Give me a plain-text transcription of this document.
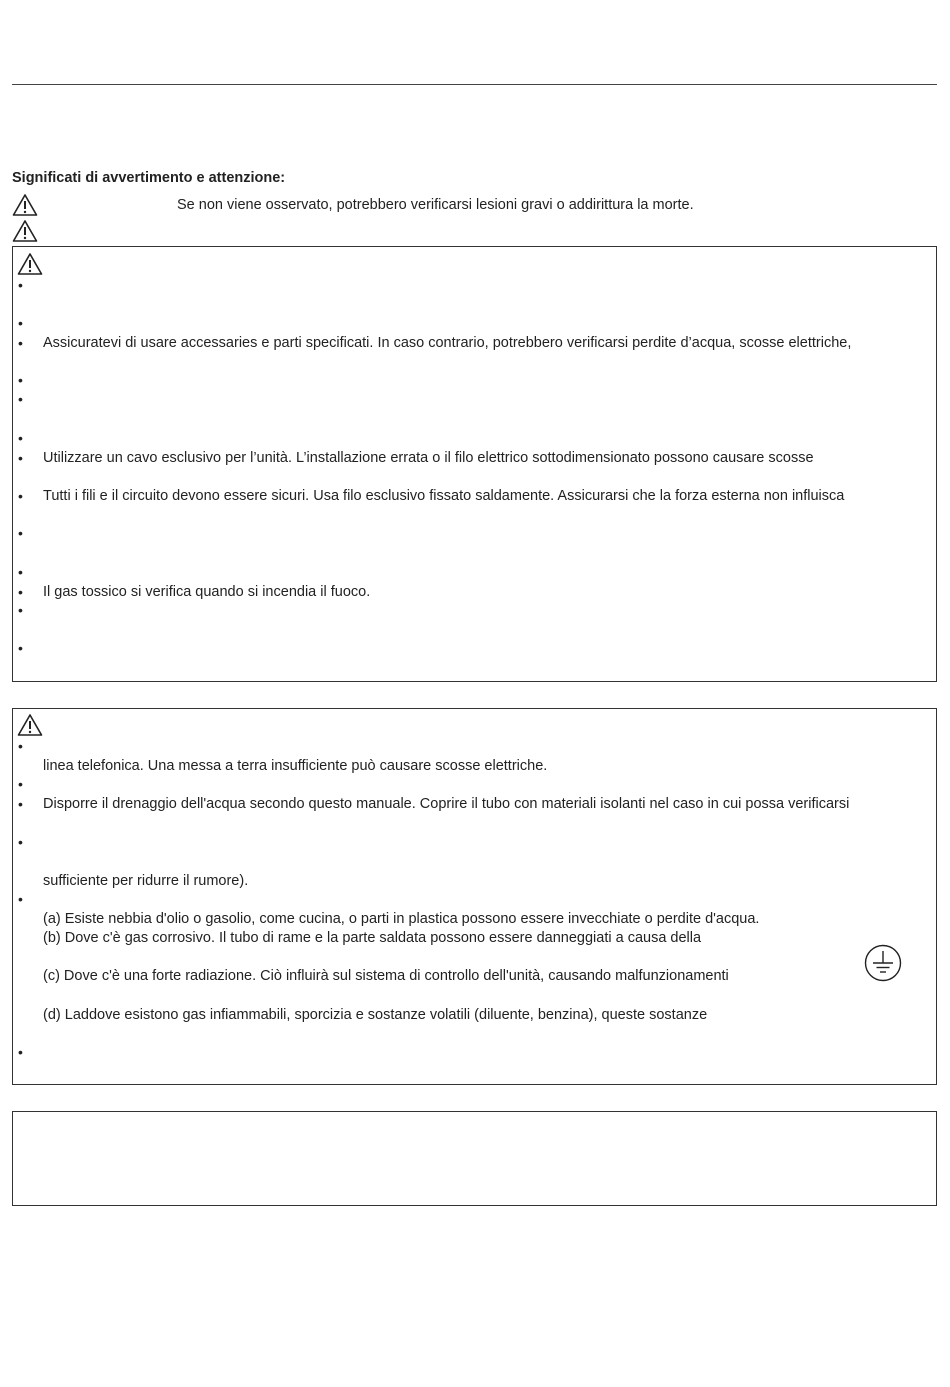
Significati di avvertimento e attenzione:
Se non viene osservato, potrebbero verificarsi lesioni gravi o addirittura la morte.
•
•
• Assicuratevi di usare accessaries e parti specificati. In caso contrario, potrebbero verificarsi perdite d’acqua, scosse elettriche,
•
•
•
• Utilizzare un cavo esclusivo per l’unità. L’installazione errata o il filo elettrico sottodimensionato possono causare scosse
• Tutti i fili e il circuito devono essere sicuri. Usa filo esclusivo fissato saldamente. Assicurarsi che la forza esterna non influisca
•
•
• Il gas tossico si verifica quando si incendia il fuoco.
•
•
•
linea telefonica. Una messa a terra insufficiente può causare scosse elettriche.
•
• Disporre il drenaggio dell'acqua secondo questo manuale. Coprire il tubo con materiali isolanti nel caso in cui possa verificarsi
•
sufficiente per ridurre il rumore).
•
(a) Esiste nebbia d'olio o gasolio, come cucina, o parti in plastica possono essere invecchiate o perdite d'acqua.
(b) Dove c'è gas corrosivo. Il tubo di rame e la parte saldata possono essere danneggiati a causa della
(c) Dove c'è una forte radiazione. Ciò influirà sul sistema di controllo dell'unità, causando malfunzionamenti
(d) Laddove esistono gas infiammabili, sporcizia e sostanze volatili (diluente, benzina), queste sostanze
•
